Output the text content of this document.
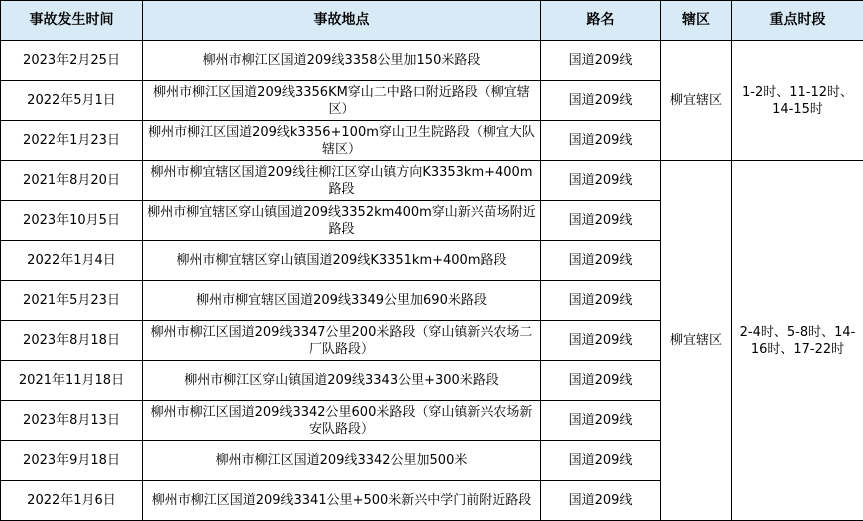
事故发生时间	事故地点	路名	辖区	重点时段
2023年2月25日	柳州市柳江区国道209线3358公里加150米路段	国道209线	柳宜辖区	1-2时、11-12时、14-15时
2022年5月1日	柳州市柳江区国道209线3356KM穿山二中路口附近路段（柳宜辖区）	国道209线		
2022年1月23日	柳州市柳江区国道209线k3356+100m穿山卫生院路段（柳宜大队辖区）	国道209线		
2021年8月20日	柳州市柳宜辖区国道209线往柳江区穿山镇方向K3353km+400m路段	国道209线	柳宜辖区	2-4时、5-8时、14-16时、17-22时
2023年10月5日	柳州市柳宜辖区穿山镇国道209线3352km400m穿山新兴苗场附近路段	国道209线		
2022年1月4日	柳州市柳宜辖区穿山镇国道209线K3351km+400m路段	国道209线		
2021年5月23日	柳州市柳宜辖区国道209线3349公里加690米路段	国道209线		
2023年8月18日	柳州市柳江区国道209线3347公里200米路段（穿山镇新兴农场二厂队路段）	国道209线		
2021年11月18日	柳州市柳江区穿山镇国道209线3343公里+300米路段	国道209线		
2023年8月13日	柳州市柳江区国道209线3342公里600米路段（穿山镇新兴农场新安队路段）	国道209线		
2023年9月18日	柳州市柳江区国道209线3342公里加500米	国道209线		
2022年1月6日	柳州市柳江区国道209线3341公里+500米新兴中学门前附近路段	国道209线		
